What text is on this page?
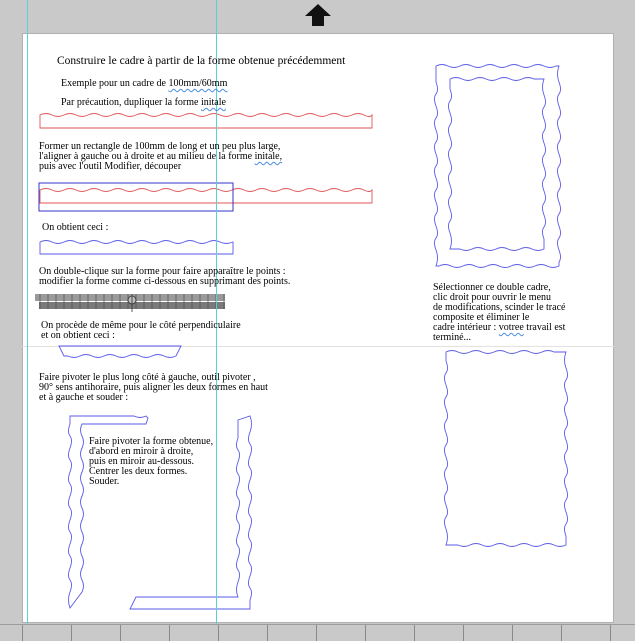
Construire le cadre à partir de la forme obtenue précédemment
Exemple pour un cadre de 100mm/60mm
Par précaution, dupliquer la forme initale
Former un rectangle de 100mm de long et un peu plus large,
l'aligner à gauche ou à droite et au milieu de la forme initale,
puis avec l'outil Modifier, découper
On obtient ceci :
On double-clique sur la forme pour faire apparaître le points :
modifier la forme comme ci-dessous en supprimant des points.
On procède de même pour le côté perpendiculaire
et on obtient ceci :
Faire pivoter le plus long côté à gauche, outil pivoter ,
90° sens antihoraire, puis aligner les deux formes en haut
et à gauche et souder :
Faire pivoter la forme obtenue,
d'abord en miroir à droite,
puis en miroir au-dessous.
Centrer les deux formes.
Souder.
Sélectionner ce double cadre,
clic droit pour ouvrir le menu
de modifications, scinder le tracé
composite et éliminer le
cadre intérieur : votree travail est
terminé...
